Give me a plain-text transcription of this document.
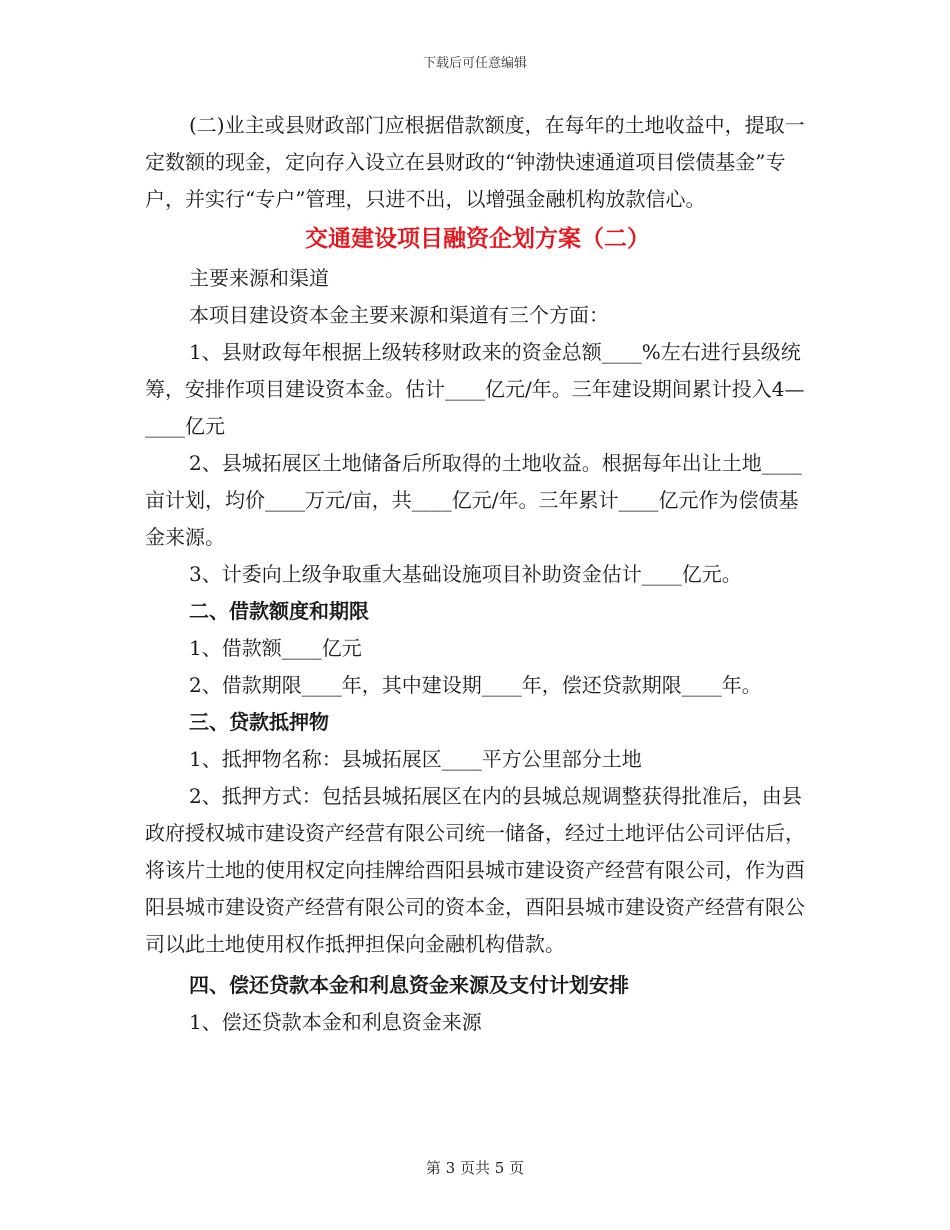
下载后可任意编辑

(二)业主或县财政部门应根据借款额度，在每年的土地收益中，提取一定数额的现金，定向存入设立在县财政的“钟渤快速通道项目偿债基金”专户，并实行“专户”管理，只进不出，以增强金融机构放款信心。

交通建设项目融资企划方案（二）

主要来源和渠道

本项目建设资本金主要来源和渠道有三个方面：

1、县财政每年根据上级转移财政来的资金总额____%左右进行县级统筹，安排作项目建设资本金。估计____亿元/年。三年建设期间累计投入4—____亿元

2、县城拓展区土地储备后所取得的土地收益。根据每年出让土地____亩计划，均价____万元/亩，共____亿元/年。三年累计____亿元作为偿债基金来源。

3、计委向上级争取重大基础设施项目补助资金估计____亿元。

二、借款额度和期限

1、借款额____亿元

2、借款期限____年，其中建设期____年，偿还贷款期限____年。

三、贷款抵押物

1、抵押物名称：县城拓展区____平方公里部分土地

2、抵押方式：包括县城拓展区在内的县城总规调整获得批准后，由县政府授权城市建设资产经营有限公司统一储备，经过土地评估公司评估后，将该片土地的使用权定向挂牌给酉阳县城市建设资产经营有限公司，作为酉阳县城市建设资产经营有限公司的资本金，酉阳县城市建设资产经营有限公司以此土地使用权作抵押担保向金融机构借款。

四、偿还贷款本金和利息资金来源及支付计划安排

1、偿还贷款本金和利息资金来源

第 3 页共 5 页
